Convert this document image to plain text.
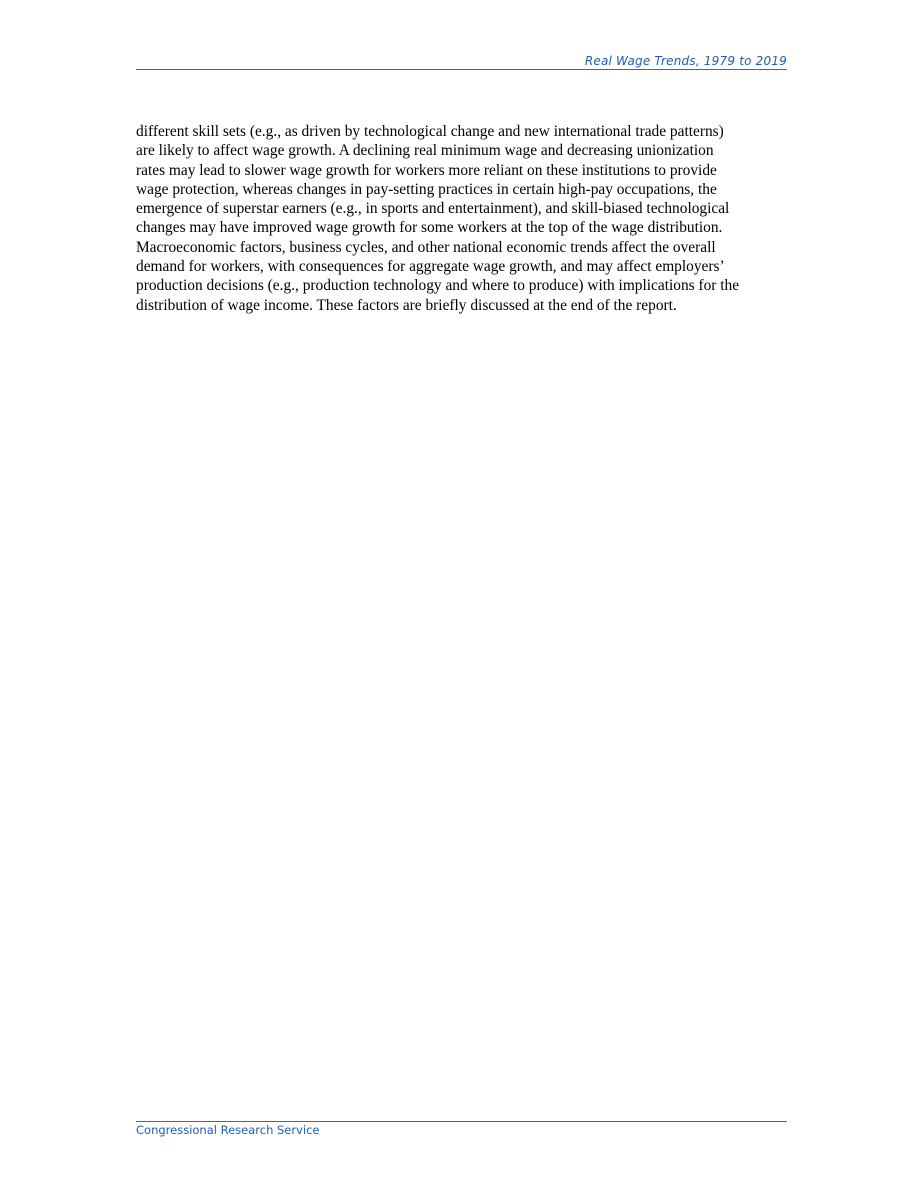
Real Wage Trends, 1979 to 2019
different skill sets (e.g., as driven by technological change and new international trade patterns)
are likely to affect wage growth. A declining real minimum wage and decreasing unionization
rates may lead to slower wage growth for workers more reliant on these institutions to provide
wage protection, whereas changes in pay-setting practices in certain high-pay occupations, the
emergence of superstar earners (e.g., in sports and entertainment), and skill-biased technological
changes may have improved wage growth for some workers at the top of the wage distribution.
Macroeconomic factors, business cycles, and other national economic trends affect the overall
demand for workers, with consequences for aggregate wage growth, and may affect employers’
production decisions (e.g., production technology and where to produce) with implications for the
distribution of wage income. These factors are briefly discussed at the end of the report.
Congressional Research Service
